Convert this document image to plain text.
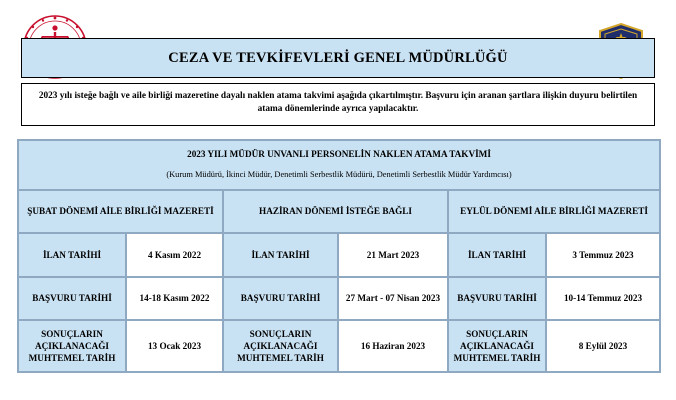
CEZA VE TEVKİFEVLERİ GENEL MÜDÜRLÜĞÜ
2023 yılı isteğe bağlı ve aile birliği mazeretine dayalı naklen atama takvimi aşağıda çıkartılmıştır. Başvuru için aranan şartlara ilişkin duyuru belirtilen atama dönemlerinde ayrıca yapılacaktır.
2023 YILI MÜDÜR UNVANLI PERSONELİN NAKLEN ATAMA TAKVİMİ
(Kurum Müdürü, İkinci Müdür, Denetimli Serbestlik Müdürü, Denetimli Serbestlik Müdür Yardımcısı)					

ŞUBAT DÖNEMİ AİLE BİRLİĞİ MAZERETİ		HAZİRAN DÖNEMİ İSTEĞE BAĞLI		EYLÜL DÖNEMİ AİLE BİRLİĞİ MAZERETİ	
İLAN TARİHİ	4 Kasım 2022	İLAN TARİHİ	21 Mart 2023	İLAN TARİHİ	3 Temmuz 2023
BAŞVURU TARİHİ	14-18 Kasım 2022	BAŞVURU TARİHİ	27 Mart - 07 Nisan 2023	BAŞVURU TARİHİ	10-14 Temmuz 2023
SONUÇLARIN AÇIKLANACAĞI MUHTEMEL TARİH	13 Ocak 2023	SONUÇLARIN AÇIKLANACAĞI MUHTEMEL TARİH	16 Haziran 2023	SONUÇLARIN AÇIKLANACAĞI MUHTEMEL TARİH	8 Eylül 2023
